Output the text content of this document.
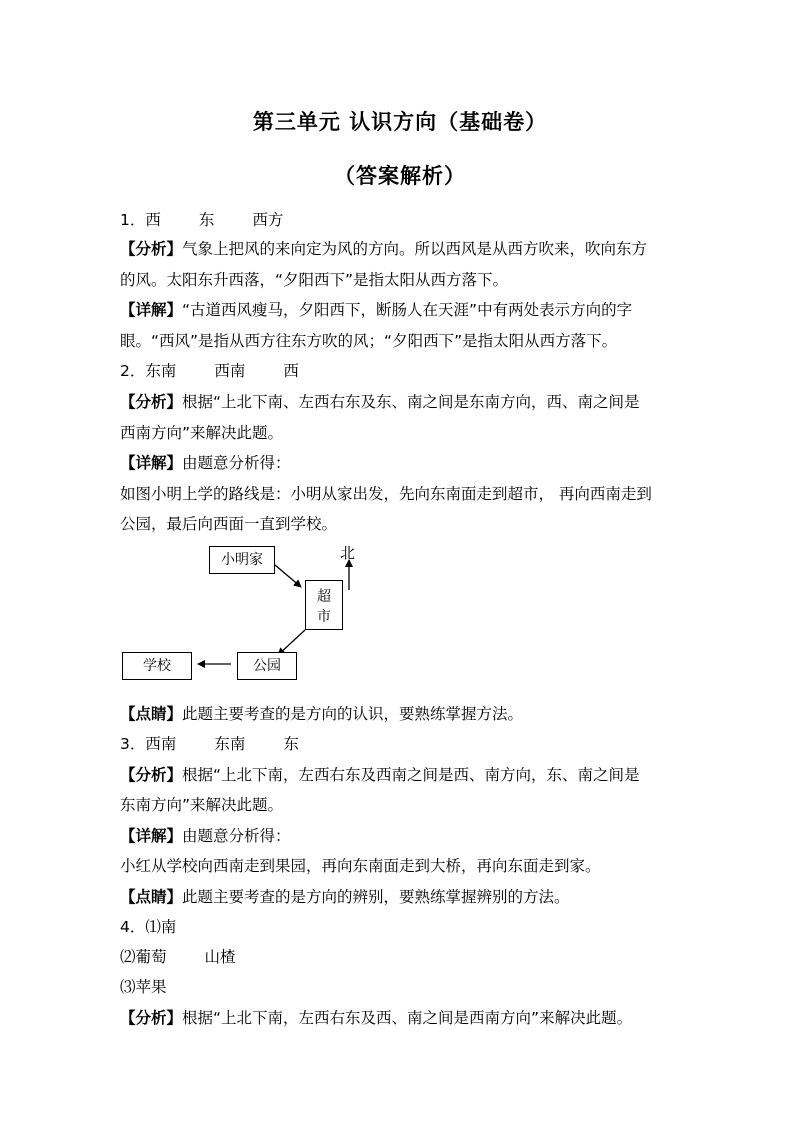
第三单元 认识方向（基础卷）
（答案解析）
1．西 东 西方
【分析】气象上把风的来向定为风的方向。所以西风是从西方吹来，吹向东方
的风。太阳东升西落，“夕阳西下”是指太阳从西方落下。
【详解】“古道西风瘦马，夕阳西下，断肠人在天涯”中有两处表示方向的字
眼。“西风”是指从西方往东方吹的风；“夕阳西下”是指太阳从西方落下。
2．东南 西南 西
【分析】根据“上北下南、左西右东及东、南之间是东南方向，西、南之间是
西南方向”来解决此题。
【详解】由题意分析得：
如图小明上学的路线是：小明从家出发，先向东南面走到超市， 再向西南走到
公园，最后向西面一直到学校。
小明家
超
市
公园
学校
北
【点睛】此题主要考查的是方向的认识，要熟练掌握方法。
3．西南 东南 东
【分析】根据“上北下南，左西右东及西南之间是西、南方向，东、南之间是
东南方向”来解决此题。
【详解】由题意分析得：
小红从学校向西南走到果园，再向东南面走到大桥，再向东面走到家。
【点睛】此题主要考查的是方向的辨别，要熟练掌握辨别的方法。
4．⑴南
⑵葡萄 山楂
⑶苹果
【分析】根据“上北下南，左西右东及西、南之间是西南方向”来解决此题。
